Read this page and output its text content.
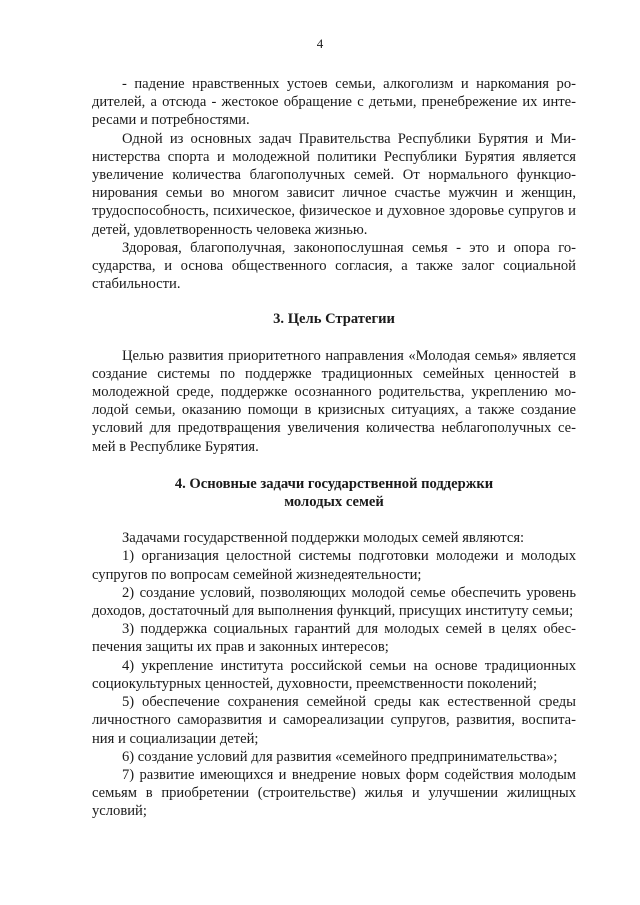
4

- падение нравственных устоев семьи, алкоголизм и наркомания родителей, а отсюда - жестокое обращение с детьми, пренебрежение их интересами и потребностями.

Одной из основных задач Правительства Республики Бурятия и Министерства спорта и молодежной политики Республики Бурятия является увеличение количества благополучных семей. От нормального функционирования семьи во многом зависит личное счастье мужчин и женщин, трудоспособность, психическое, физическое и духовное здоровье супругов и детей, удовлетворенность человека жизнью.

Здоровая, благополучная, законопослушная семья - это и опора государства, и основа общественного согласия, а также залог социальной стабильности.

3. Цель Стратегии

Целью развития приоритетного направления «Молодая семья» является создание системы по поддержке традиционных семейных ценностей в молодежной среде, поддержке осознанного родительства, укреплению молодой семьи, оказанию помощи в кризисных ситуациях, а также создание условий для предотвращения увеличения количества неблагополучных семей в Республике Бурятия.

4. Основные задачи государственной поддержки

молодых семей

Задачами государственной поддержки молодых семей являются:

1) организация целостной системы подготовки молодежи и молодых супругов по вопросам семейной жизнедеятельности;

2) создание условий, позволяющих молодой семье обеспечить уровень доходов, достаточный для выполнения функций, присущих институту семьи;

3) поддержка социальных гарантий для молодых семей в целях обеспечения защиты их прав и законных интересов;

4) укрепление института российской семьи на основе традиционных социокультурных ценностей, духовности, преемственности поколений;

5) обеспечение сохранения семейной среды как естественной среды личностного саморазвития и самореализации супругов, развития, воспитания и социализации детей;

6) создание условий для развития «семейного предпринимательства»;

7) развитие имеющихся и внедрение новых форм содействия молодым семьям в приобретении (строительстве) жилья и улучшении жилищных условий;
